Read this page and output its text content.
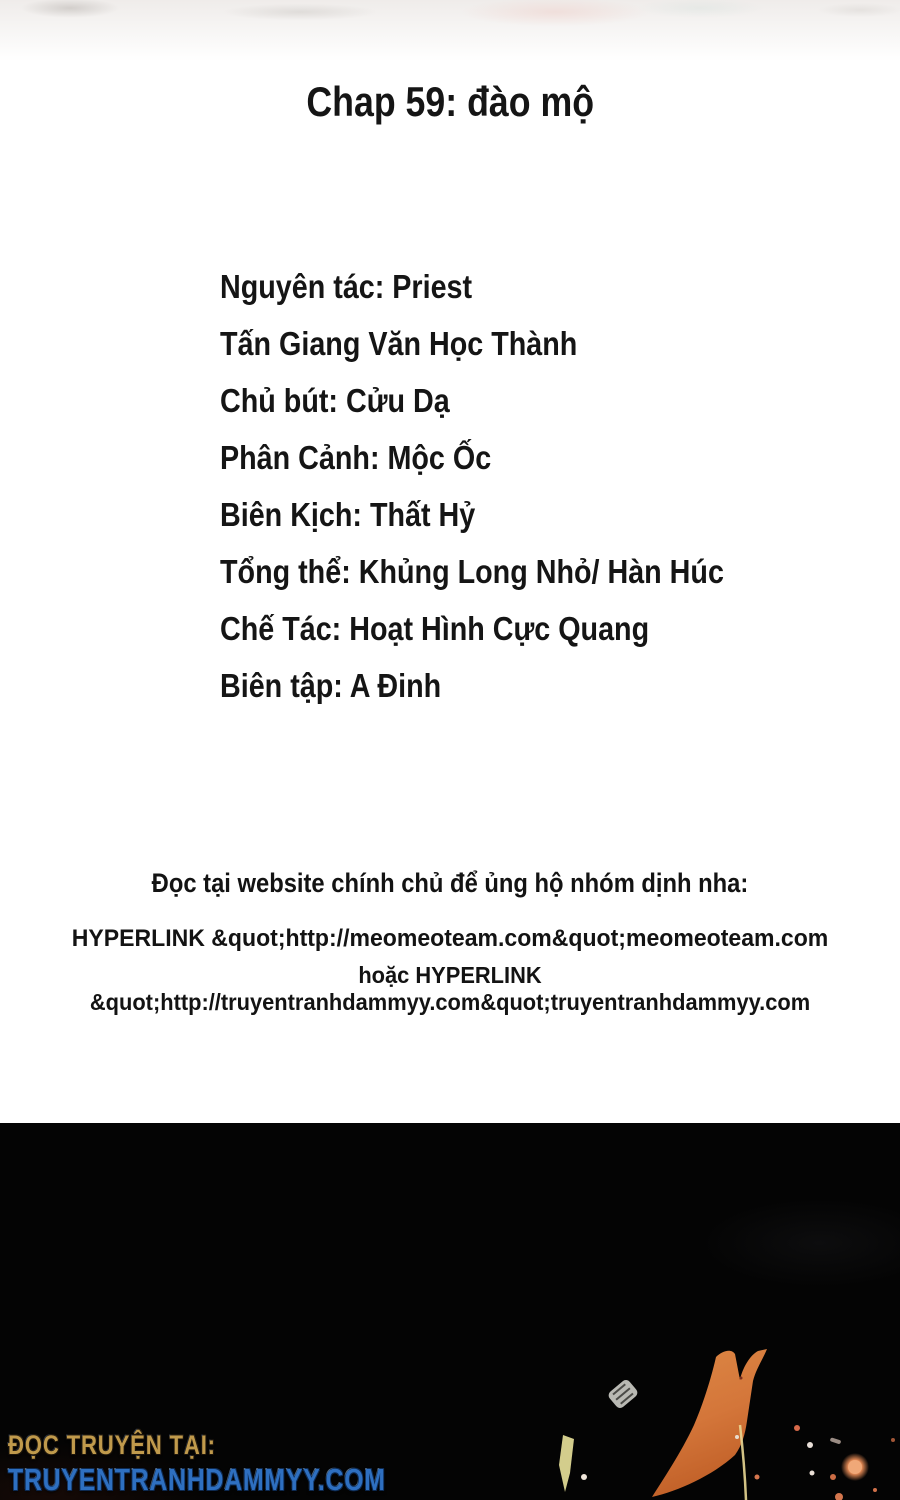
Chap 59: đào mộ
Nguyên tác: Priest
Tấn Giang Văn Học Thành
Chủ bút: Cửu Dạ
Phân Cảnh: Mộc Ốc
Biên Kịch: Thất Hỷ
Tổng thể: Khủng Long Nhỏ/ Hàn Húc
Chế Tác: Hoạt Hình Cực Quang
Biên tập: A Đinh
Đọc tại website chính chủ để ủng hộ nhóm dịnh nha:
HYPERLINK &quot;http://meomeoteam.com&quot;meomeoteam.com
hoặc HYPERLINK &quot;http://truyentranhdammyy.com&quot;truyentranhdammyy.com
ĐỌC TRUYỆN TẠI:
TRUYENTRANHDAMMYY.COM
